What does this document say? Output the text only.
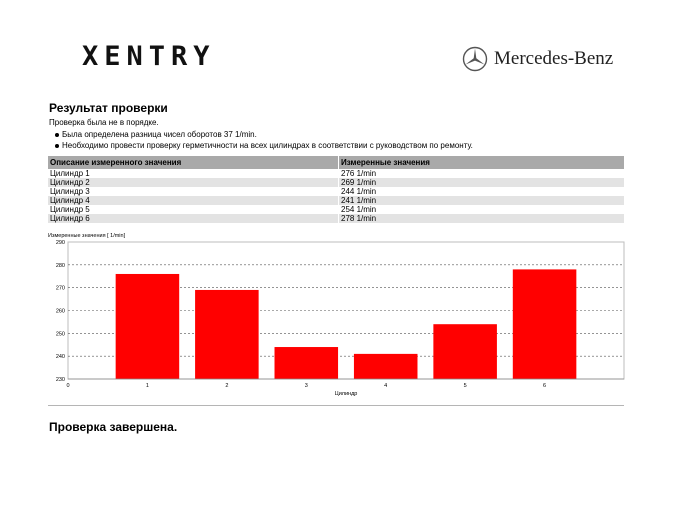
XENTRY	Mercedes-Benz
Результат проверки
Проверка была не в порядке.
Была определена разница чисел оборотов 37 1/min.
Необходимо провести проверку герметичности на всех цилиндрах в соответствии с руководством по ремонту.
Описание измеренного значения	Измеренные значения
Цилиндр 1	276 1/min
Цилиндр 2	269 1/min
Цилиндр 3	244 1/min
Цилиндр 4	241 1/min
Цилиндр 5	254 1/min
Цилиндр 6	278 1/min
Измеренные значения [ 1/min]
230
240
250
260
270
280
290
1	2	3	4	5	6
0
Цилиндр
Проверка завершена.
